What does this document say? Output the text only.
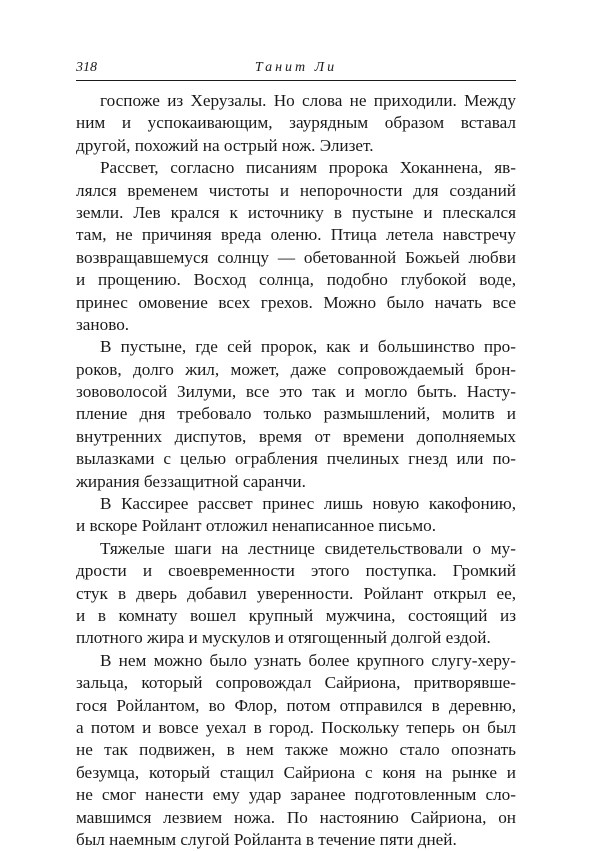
318	Танит Ли
госпоже из Херузалы. Но слова не приходили. Между
ним и успокаивающим, заурядным образом вставал
другой, похожий на острый нож. Элизет.
Рассвет, согласно писаниям пророка Хоканнена, яв-
лялся временем чистоты и непорочности для созданий
земли. Лев крался к источнику в пустыне и плескался
там, не причиняя вреда оленю. Птица летела навстречу
возвращавшемуся солнцу — обетованной Божьей любви
и прощению. Восход солнца, подобно глубокой воде,
принес омовение всех грехов. Можно было начать все
заново.
В пустыне, где сей пророк, как и большинство про-
роков, долго жил, может, даже сопровождаемый брон-
зововолосой Зилуми, все это так и могло быть. Насту-
пление дня требовало только размышлений, молитв и
внутренних диспутов, время от времени дополняемых
вылазками с целью ограбления пчелиных гнезд или по-
жирания беззащитной саранчи.
В Кассирее рассвет принес лишь новую какофонию,
и вскоре Ройлант отложил ненаписанное письмо.
Тяжелые шаги на лестнице свидетельствовали о му-
дрости и своевременности этого поступка. Громкий
стук в дверь добавил уверенности. Ройлант открыл ее,
и в комнату вошел крупный мужчина, состоящий из
плотного жира и мускулов и отягощенный долгой ездой.
В нем можно было узнать более крупного слугу-херу-
зальца, который сопровождал Сайриона, притворявше-
гося Ройлантом, во Флор, потом отправился в деревню,
а потом и вовсе уехал в город. Поскольку теперь он был
не так подвижен, в нем также можно стало опознать
безумца, который стащил Сайриона с коня на рынке и
не смог нанести ему удар заранее подготовленным сло-
мавшимся лезвием ножа. По настоянию Сайриона, он
был наемным слугой Ройланта в течение пяти дней.
